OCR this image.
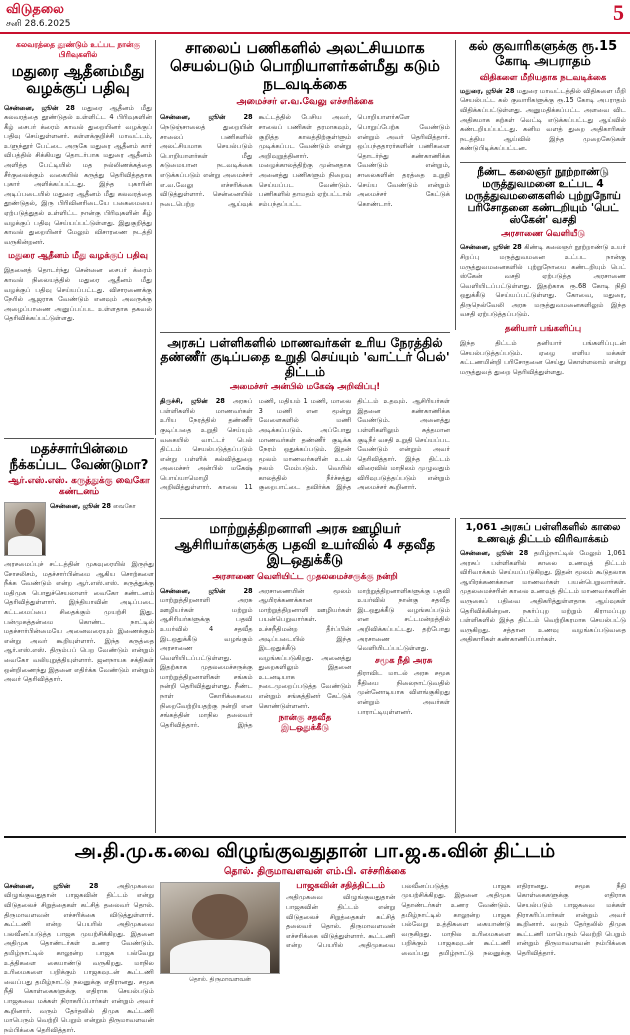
விடுதலை
சனி 28.6.2025	5
கலவரத்தை தூண்டும் உட்பட நான்கு பிரிவுகளில்
மதுரை ஆதீனம்மீது வழக்குப் பதிவு
சென்னை, ஜூன் 28 மதுரை ஆதீனம் மீது கலவரத்தை தூண்டுதல் உள்ளிட்ட 4 பிரிவுகளின் கீழ் சைபர் க்ரைம் காவல் துறையினர் வழக்குப் பதிவு செய்துள்ளனர். கள்ளக்குறிச்சி மாவட்டம், உளுந்தூர் பேட்டை அருகே மதுரை ஆதீனம் கார் விபத்தில் சிக்கியது தொடர்பாக மதுரை ஆதீனம் அளித்த பேட்டியில் மத நல்லிணக்கத்தை சீர்குலைக்கும் வகையில் கருத்து தெரிவித்ததாக புகார் அளிக்கப்பட்டது. இந்த புகாரின் அடிப்படையில் மதுரை ஆதீனம் மீது கலவரத்தை தூண்டுதல், இரு பிரிவினரிடையே பகைமையை ஏற்படுத்துதல் உள்ளிட்ட நான்கு பிரிவுகளின் கீழ் வழக்குப் பதிவு செய்யப்பட்டுள்ளது. இதுகுறித்து காவல் துறையினர் மேலும் விசாரணை நடத்தி வருகின்றனர்.
மதுரை ஆதீனம் மீது வழக்குப் பதிவு
இதனைத் தொடர்ந்து சென்னை சைபர் க்ரைம் காவல் நிலையத்தில் மதுரை ஆதீனம் மீது வழக்குப் பதிவு செய்யப்பட்டது. விசாரணைக்கு நேரில் ஆஜராக வேண்டும் எனவும் அவருக்கு அழைப்பாணை அனுப்பப்பட உள்ளதாக தகவல் தெரிவிக்கப்பட்டுள்ளது.
சாலைப் பணிகளில் அலட்சியமாக செயல்படும் பொறியாளர்கள்மீது கடும் நடவடிக்கை
அமைச்சர் எ.வ.வேலு எச்சரிக்கை
சென்னை, ஜூன் 28 நெடுஞ்சாலைத் துறையின் சாலைப் பணிகளில் அலட்சியமாக செயல்படும் பொறியாளர்கள் மீது கடுமையான நடவடிக்கை எடுக்கப்படும் என்று அமைச்சர் எ.வ.வேலு எச்சரிக்கை விடுத்துள்ளார். சென்னையில் நடைபெற்ற ஆய்வுக் கூட்டத்தில் பேசிய அவர், சாலைப் பணிகள் தரமாகவும், குறித்த காலத்திற்குள்ளும் முடிக்கப்பட வேண்டும் என்று அறிவுறுத்தினார். மழைக்காலத்திற்கு முன்னதாக அனைத்து பணிகளும் நிறைவு செய்யப்பட வேண்டும். பணிகளில் தாமதம் ஏற்பட்டால் சம்பந்தப்பட்ட பொறியாளர்களே பொறுப்பேற்க வேண்டும் என்றும் அவர் தெரிவித்தார். ஒப்பந்ததாரர்களின் பணிகளை தொடர்ந்து கண்காணிக்க வேண்டும் என்றும், சாலைகளின் தரத்தை உறுதி செய்ய வேண்டும் என்றும் அமைச்சர் கேட்டுக் கொண்டார்.
கல் குவாரிகளுக்கு ரூ.15 கோடி அபராதம்
விதிகளை மீறியதாக நடவடிக்கை
மதுரை, ஜூன் 28 மதுரை மாவட்டத்தில் விதிகளை மீறி செயல்பட்ட கல் குவாரிகளுக்கு ரூ.15 கோடி அபராதம் விதிக்கப்பட்டுள்ளது. அனுமதிக்கப்பட்ட அளவை விட அதிகமாக கற்கள் வெட்டி எடுக்கப்பட்டது ஆய்வில் கண்டறியப்பட்டது. கனிம வளத் துறை அதிகாரிகள் நடத்திய ஆய்வில் இந்த முறைகேடுகள் கண்டுபிடிக்கப்பட்டன.
நீண்ட கலைஞர் நூற்றாண்டு மருத்துவமனை உட்பட 4 மருத்துவமனைகளில் புற்றுநோய் பரிசோதனை கண்டறியும் 'பெட் ஸ்கேன்' வசதி
அரசாணை வெளியீடு
சென்னை, ஜூன் 28 கிண்டி கலைஞர் நூற்றாண்டு உயர் சிறப்பு மருத்துவமனை உட்பட நான்கு மருத்துவமனைகளில் புற்றுநோயை கண்டறியும் பெட் ஸ்கேன் வசதி ஏற்படுத்த அரசாணை வெளியிடப்பட்டுள்ளது. இதற்காக ரூ.68 கோடி நிதி ஒதுக்கீடு செய்யப்பட்டுள்ளது. கோவை, மதுரை, திருநெல்வேலி அரசு மருத்துவமனைகளிலும் இந்த வசதி ஏற்படுத்தப்படும்.
தனியார் பங்களிப்பு
இந்த திட்டம் தனியார் பங்களிப்புடன் செயல்படுத்தப்படும். ஏழை எளிய மக்கள் கட்டணமின்றி பரிசோதனை செய்து கொள்ளலாம் என்று மருத்துவத் துறை தெரிவித்துள்ளது.
அரசுப் பள்ளிகளில் மாணவர்கள் உரிய நேரத்தில் தண்ணீர் குடிப்பதை உறுதி செய்யும் 'வாட்டர் பெல்' திட்டம்
அமைச்சர் அன்பில் மகேஷ் அறிவிப்பு!
திருச்சி, ஜூன் 28 அரசுப் பள்ளிகளில் மாணவர்கள் உரிய நேரத்தில் தண்ணீர் குடிப்பதை உறுதி செய்யும் வகையில் வாட்டர் பெல் திட்டம் செயல்படுத்தப்படும் என்று பள்ளிக் கல்வித்துறை அமைச்சர் அன்பில் மகேஷ் பொய்யாமொழி அறிவித்துள்ளார். காலை 11 மணி, மதியம் 1 மணி, மாலை 3 மணி என மூன்று வேளைகளில் மணி அடிக்கப்படும். அப்போது மாணவர்கள் தண்ணீர் குடிக்க நேரம் ஒதுக்கப்படும். இதன் மூலம் மாணவர்களின் உடல் நலம் மேம்படும். வெயில் காலத்தில் நீர்ச்சத்து குறைபாட்டை தவிர்க்க இந்த திட்டம் உதவும். ஆசிரியர்கள் இதனை கண்காணிக்க வேண்டும். அனைத்து பள்ளிகளிலும் சுத்தமான குடிநீர் வசதி உறுதி செய்யப்பட வேண்டும் என்றும் அவர் தெரிவித்தார். இந்த திட்டம் விரைவில் மாநிலம் முழுவதும் விரிவுபடுத்தப்படும் என்றும் அமைச்சர் கூறினார்.
மதச்சார்பின்மை நீக்கப்பட வேண்டுமா?
ஆர்.எஸ்.எஸ். கருத்துக்கு வைகோ கண்டனம்
சென்னை, ஜூன் 28 வைகோ
அரசமைப்புச் சட்டத்தின் முகவுரையில் இருந்து சோசலிசம், மதச்சார்பின்மை ஆகிய சொற்களை நீக்க வேண்டும் என்ற ஆர்.எஸ்.எஸ். கருத்துக்கு மதிமுக பொதுச்செயலாளர் வைகோ கண்டனம் தெரிவித்துள்ளார். இந்தியாவின் அடிப்படை கட்டமைப்பை சிதைக்கும் முயற்சி இது. பன்முகத்தன்மை கொண்ட நாட்டில் மதச்சார்பின்மையே அனைவரையும் இணைக்கும் என்று அவர் கூறியுள்ளார். இந்த கருத்தை ஆர்.எஸ்.எஸ். திரும்பப் பெற வேண்டும் என்றும் வைகோ வலியுறுத்தியுள்ளார். ஜனநாயக சக்திகள் ஒன்றிணைந்து இதனை எதிர்க்க வேண்டும் என்றும் அவர் தெரிவித்தார்.
மாற்றுத்திறனாளி அரசு ஊழியர் ஆசிரியர்களுக்கு பதவி உயர்வில் 4 சதவீத இடஒதுக்கீடு
அரசாணை வெளியிட்ட முதலமைச்சருக்கு நன்றி
சென்னை, ஜூன் 28 மாற்றுத்திறனாளி அரசு ஊழியர்கள் மற்றும் ஆசிரியர்களுக்கு பதவி உயர்வில் 4 சதவீத இடஒதுக்கீடு வழங்கும் அரசாணை வெளியிடப்பட்டுள்ளது. இதற்காக முதலமைச்சருக்கு மாற்றுத்திறனாளிகள் சங்கம் நன்றி தெரிவித்துள்ளது. நீண்ட நாள் கோரிக்கையை நிறைவேற்றியதற்கு நன்றி என சங்கத்தின் மாநில தலைவர் தெரிவித்தார். இந்த அரசாணையின் மூலம் ஆயிரக்கணக்கான மாற்றுத்திறனாளி ஊழியர்கள் பயன்பெறுவார்கள். உச்சநீதிமன்ற தீர்ப்பின் அடிப்படையில் இந்த இடஒதுக்கீடு வழங்கப்படுகிறது. அனைத்து துறைகளிலும் இதனை உடனடியாக நடைமுறைப்படுத்த வேண்டும் என்றும் சங்கத்தினர் கேட்டுக் கொண்டுள்ளனர்.
நான்கு சதவீத இடஒதுக்கீடு
மாற்றுத்திறனாளிகளுக்கு பதவி உயர்வில் நான்கு சதவீத இடஒதுக்கீடு வழங்கப்படும் என சட்டமன்றத்தில் அறிவிக்கப்பட்டது. தற்போது அரசாணை வெளியிடப்பட்டுள்ளது.
சமூக நீதி அரசு
திராவிட மாடல் அரசு சமூக நீதியை நிலைநாட்டுவதில் முன்னோடியாக விளங்குகிறது என்றும் அவர்கள் பாராட்டியுள்ளனர்.
1,061 அரசுப் பள்ளிகளில் காலை உணவுத் திட்டம் விரிவாக்கம்
சென்னை, ஜூன் 28 தமிழ்நாட்டில் மேலும் 1,061 அரசுப் பள்ளிகளில் காலை உணவுத் திட்டம் விரிவாக்கம் செய்யப்படுகிறது. இதன் மூலம் கூடுதலாக ஆயிரக்கணக்கான மாணவர்கள் பயன்பெறுவார்கள். முதலமைச்சரின் காலை உணவுத் திட்டம் மாணவர்களின் வருகைப் பதிவை அதிகரித்துள்ளதாக ஆய்வுகள் தெரிவிக்கின்றன. நகர்ப்புற மற்றும் கிராமப்புற பள்ளிகளில் இந்த திட்டம் வெற்றிகரமாக செயல்பட்டு வருகிறது. சத்தான உணவு வழங்கப்படுவதை அதிகாரிகள் கண்காணிப்பார்கள்.
அ.தி.மு.க.வை விழுங்குவதுதான் பா.ஜ.க.வின் திட்டம்
தொல். திருமாவளவன் எம்.பி. எச்சரிக்கை
சென்னை, ஜூன் 28	அதிமுகவை விழுங்குவதுதான் பாஜகவின் திட்டம் என்று விடுதலைச் சிறுத்தைகள் கட்சித் தலைவர் தொல். திருமாவளவன் எச்சரிக்கை விடுத்துள்ளார். கூட்டணி என்ற பெயரில் அதிமுகவை பலவீனப்படுத்த பாஜக முயற்சிக்கிறது. இதனை அதிமுக தொண்டர்கள் உணர வேண்டும். தமிழ்நாட்டில் காலூன்ற பாஜக பல்வேறு உத்திகளை கையாண்டு வருகிறது. மாநில உரிமைகளை பறிக்கும் பாஜகவுடன் கூட்டணி வைப்பது தமிழ்நாட்டு நலனுக்கு எதிரானது. சமூக நீதி கொள்கைகளுக்கு எதிராக செயல்படும் பாஜகவை மக்கள் நிராகரிப்பார்கள் என்றும் அவர் கூறினார். வரும் தேர்தலில் திமுக கூட்டணி மாபெரும் வெற்றி பெறும் என்றும் திருமாவளவன் நம்பிக்கை தெரிவித்தார்.
தொல். திருமாவளவன்
பாஜகவின் சதித்திட்டம்
அதிமுகவை விழுங்குவதுதான் பாஜகவின் திட்டம் என்று விடுதலைச் சிறுத்தைகள் கட்சித் தலைவர் தொல். திருமாவளவன் எச்சரிக்கை விடுத்துள்ளார். கூட்டணி என்ற பெயரில் அதிமுகவை பலவீனப்படுத்த பாஜக முயற்சிக்கிறது. இதனை அதிமுக தொண்டர்கள் உணர வேண்டும். தமிழ்நாட்டில் காலூன்ற பாஜக பல்வேறு உத்திகளை கையாண்டு வருகிறது. மாநில உரிமைகளை பறிக்கும் பாஜகவுடன் கூட்டணி வைப்பது தமிழ்நாட்டு நலனுக்கு எதிரானது. சமூக நீதி கொள்கைகளுக்கு எதிராக செயல்படும் பாஜகவை மக்கள் நிராகரிப்பார்கள் என்றும் அவர் கூறினார். வரும் தேர்தலில் திமுக கூட்டணி மாபெரும் வெற்றி பெறும் என்றும் திருமாவளவன் நம்பிக்கை தெரிவித்தார்.
